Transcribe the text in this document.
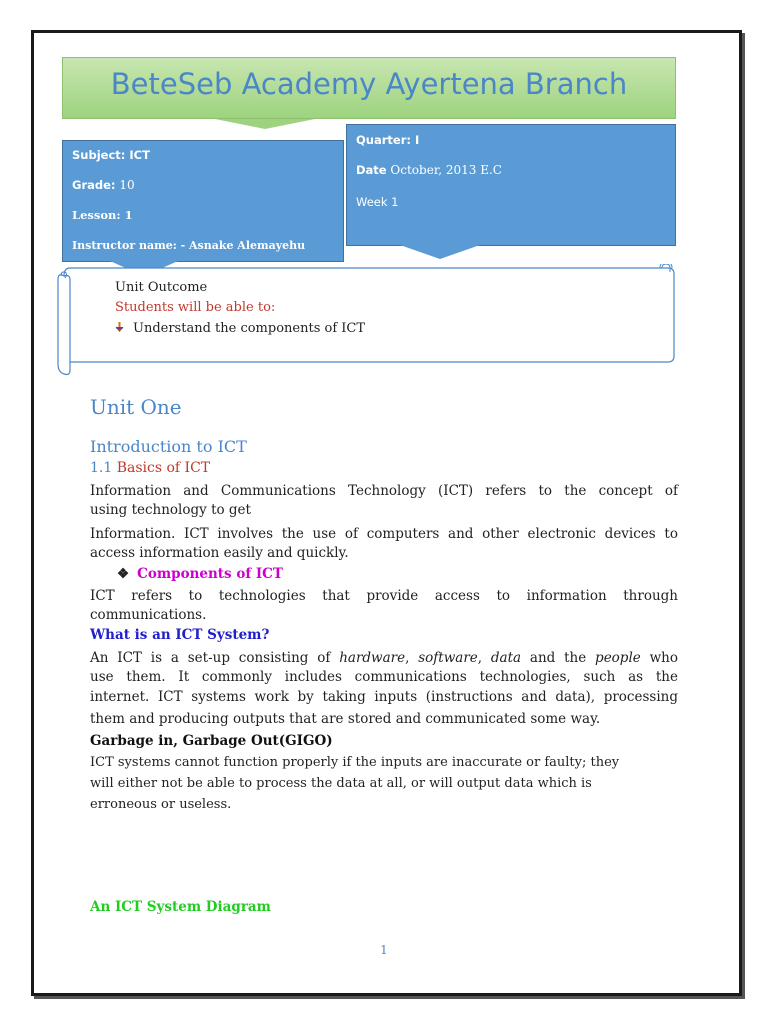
BeteSeb Academy Ayertena Branch
Subject: ICT
Grade: 10
Lesson: 1
Instructor name: - Asnake Alemayehu
Quarter: I
Date October, 2013 E.C
Week 1
Unit Outcome
Students will be able to:
Understand the components of ICT
Unit One
Introduction to ICT
1.1 Basics of ICT
Information and Communications Technology (ICT) refers to the concept of
using technology to get
Information. ICT involves the use of computers and other electronic devices to
access information easily and quickly.
❖ Components of ICT
ICT refers to technologies that provide access to information through
communications.
What is an ICT System?
An ICT is a set-up consisting of hardware, software, data and the people who
use them. It commonly includes communications technologies, such as the
internet. ICT systems work by taking inputs (instructions and data), processing
them and producing outputs that are stored and communicated some way.
Garbage in, Garbage Out(GIGO)
ICT systems cannot function properly if the inputs are inaccurate or faulty; they
will either not be able to process the data at all, or will output data which is
erroneous or useless.
An ICT System Diagram
1
